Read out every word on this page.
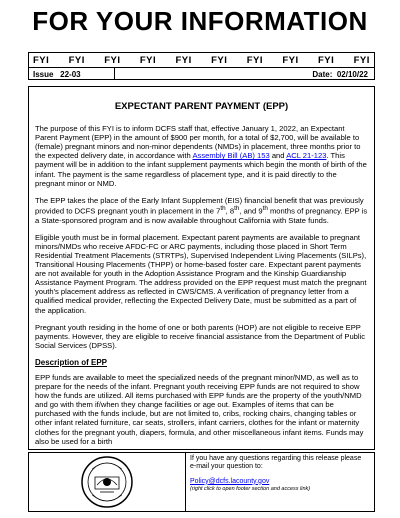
FOR YOUR INFORMATION
FYI FYI FYI FYI FYI FYI FYI FYI FYI FYI
Issue
22-03	Date: 02/10/22
EXPECTANT PARENT PAYMENT (EPP)

The purpose of this FYI is to inform DCFS staff that, effective January 1, 2022, an Expectant Parent Payment (EPP) in the amount of $900 per month, for a total of $2,700, will be available to (female) pregnant minors and non-minor dependents (NMDs) in placement, three months prior to the expected delivery date, in accordance with Assembly Bill (AB) 153 and ACL 21-123. This payment will be in addition to the infant supplement payments which begin the month of birth of the infant. The payment is the same regardless of placement type, and it is paid directly to the pregnant minor or NMD.

The EPP takes the place of the Early Infant Supplement (EIS) financial benefit that was previously provided to DCFS pregnant youth in placement in the 7th, 8th, and 9th months of pregnancy. EPP is a State-sponsored program and is now available throughout California with State funds.

Eligible youth must be in formal placement. Expectant parent payments are available to pregnant minors/NMDs who receive AFDC-FC or ARC payments, including those placed in Short Term Residential Treatment Placements (STRTPs), Supervised Independent Living Placements (SILPs), Transitional Housing Placements (THPP) or home-based foster care. Expectant parent payments are not available for youth in the Adoption Assistance Program and the Kinship Guardianship Assistance Payment Program. The address provided on the EPP request must match the pregnant youth's placement address as reflected in CWS/CMS. A verification of pregnancy letter from a qualified medical provider, reflecting the Expected Delivery Date, must be submitted as a part of the application.

Pregnant youth residing in the home of one or both parents (HOP) are not eligible to receive EPP payments. However, they are eligible to receive financial assistance from the Department of Public Social Services (DPSS).

Description of EPP

EPP funds are available to meet the specialized needs of the pregnant minor/NMD, as well as to prepare for the needs of the infant. Pregnant youth receiving EPP funds are not required to show how the funds are utilized. All items purchased with EPP funds are the property of the youth/NMD and go with them if/when they change facilities or age out. Examples of items that can be purchased with the funds include, but are not limited to, cribs, rocking chairs, changing tables or other infant related furniture, car seats, strollers, infant carriers, clothes for the infant or maternity clothes for the pregnant youth, diapers, formula, and other miscellaneous infant items. Funds may also be used for a birth

If you have any questions regarding this release please
e-mail your question to:
Policy@dcfs.lacounty.gov
(right click to open footer section and access link)
